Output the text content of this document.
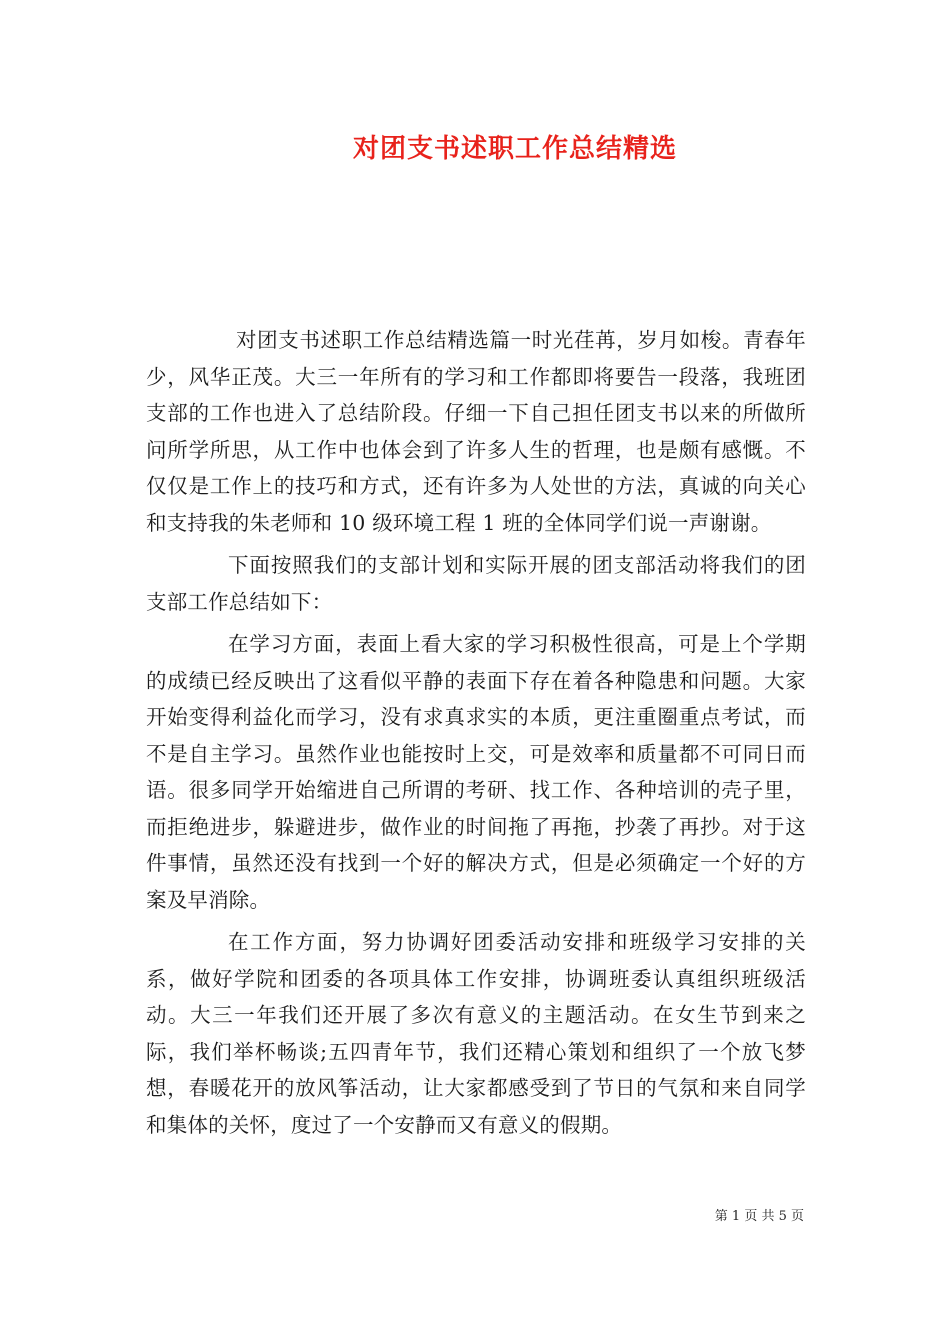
对团支书述职工作总结精选

对团支书述职工作总结精选篇一时光荏苒，岁月如梭。青春年少，风华正茂。大三一年所有的学习和工作都即将要告一段落，我班团支部的工作也进入了总结阶段。仔细一下自己担任团支书以来的所做所问所学所思，从工作中也体会到了许多人生的哲理，也是颇有感慨。不仅仅是工作上的技巧和方式，还有许多为人处世的方法，真诚的向关心和支持我的朱老师和 10 级环境工程 1 班的全体同学们说一声谢谢。

下面按照我们的支部计划和实际开展的团支部活动将我们的团支部工作总结如下：

在学习方面，表面上看大家的学习积极性很高，可是上个学期的成绩已经反映出了这看似平静的表面下存在着各种隐患和问题。大家开始变得利益化而学习，没有求真求实的本质，更注重圈重点考试，而不是自主学习。虽然作业也能按时上交，可是效率和质量都不可同日而语。很多同学开始缩进自己所谓的考研、找工作、各种培训的壳子里，而拒绝进步，躲避进步，做作业的时间拖了再拖，抄袭了再抄。对于这件事情，虽然还没有找到一个好的解决方式，但是必须确定一个好的方案及早消除。

在工作方面，努力协调好团委活动安排和班级学习安排的关系，做好学院和团委的各项具体工作安排，协调班委认真组织班级活动。大三一年我们还开展了多次有意义的主题活动。在女生节到来之际，我们举杯畅谈;五四青年节，我们还精心策划和组织了一个放飞梦想，春暖花开的放风筝活动，让大家都感受到了节日的气氛和来自同学和集体的关怀，度过了一个安静而又有意义的假期。

第 1 页 共 5 页
